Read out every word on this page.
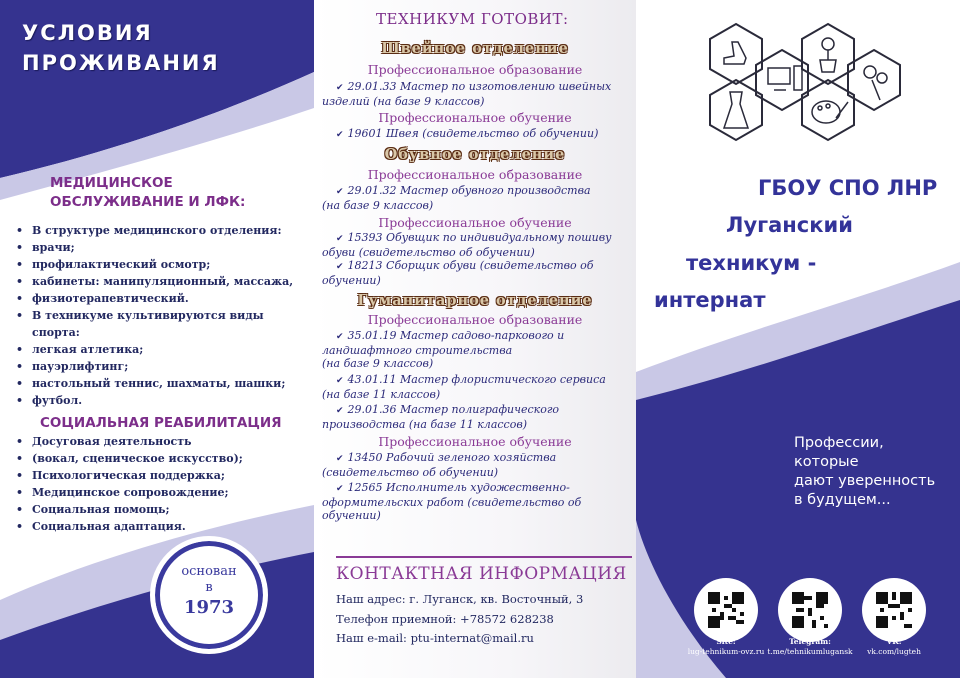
УСЛОВИЯ
ПРОЖИВАНИЯ
МЕДИЦИНСКОЕ
ОБСЛУЖИВАНИЕ И ЛФК:
• В структуре медицинского отделения:
• врачи;
• профилактический осмотр;
• кабинеты: манипуляционный, массажа,
• физиотерапевтический.
• В техникуме культивируются виды спорта:
• легкая атлетика;
• пауэрлифтинг;
• настольный теннис, шахматы, шашки;
• футбол.
СОЦИАЛЬНАЯ РЕАБИЛИТАЦИЯ
• Досуговая деятельность
• (вокал, сценическое искусство);
• Психологическая поддержка;
• Медицинское сопровождение;
• Социальная помощь;
• Социальная адаптация.
основан
в
1973
ТЕХНИКУМ ГОТОВИТ:
Швейное отделение
Профессиональное образование
✔ 29.01.33 Мастер по изготовлению швейных
изделий (на базе 9 классов)
Профессиональное обучение
✔ 19601 Швея (свидетельство об обучении)
Обувное отделение
Профессиональное образование
✔ 29.01.32 Мастер обувного производства
(на базе 9 классов)
Профессиональное обучение
✔ 15393 Обувщик по индивидуальному пошиву
обуви (свидетельство об обучении)
✔ 18213 Сборщик обуви (свидетельство об
обучении)
Гуманитарное отделение
Профессиональное образование
✔ 35.01.19 Мастер садово-паркового и
ландшафтного строительства
(на базе 9 классов)
✔ 43.01.11 Мастер флористического сервиса
(на базе 11 классов)
✔ 29.01.36 Мастер полиграфического
производства (на базе 11 классов)
Профессиональное обучение
✔ 13450 Рабочий зеленого хозяйства
(свидетельство об обучении)
✔ 12565 Исполнитель художественно-
оформительских работ (свидетельство об
обучении)
КОНТАКТНАЯ ИНФОРМАЦИЯ
Наш адрес: г. Луганск, кв. Восточный, 3
Телефон приемной: +78572 628238
Наш e-mail: ptu-internat@mail.ru
ГБОУ СПО ЛНР
Луганский
техникум -
интернат
Профессии,
которые
дают уверенность
в будущем...
Site:
lug-tehnikum-ovz.ru
Telegram:
t.me/tehnikumlugansk
VK:
vk.com/lugteh
